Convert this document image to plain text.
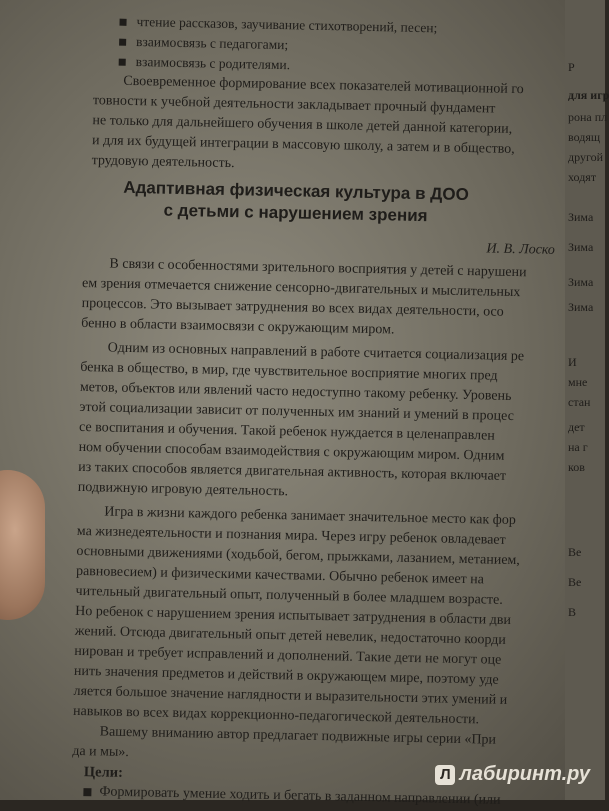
чтение рассказов, заучивание стихотворений, песен;
взаимосвязь с педагогами;
взаимосвязь с родителями.
Своевременное формирование всех показателей мотивационной го
товности к учебной деятельности закладывает прочный фундамент
не только для дальнейшего обучения в школе детей данной категории,
и для их будущей интеграции в массовую школу, а затем и в общество,
трудовую деятельность.
Адаптивная физическая культура в ДОО
с детьми с нарушением зрения
И. В. Лоско
В связи с особенностями зрительного восприятия у детей с нарушени
ем зрения отмечается снижение сенсорно-двигательных и мыслительных
процессов. Это вызывает затруднения во всех видах деятельности, осо
бенно в области взаимосвязи с окружающим миром.
Одним из основных направлений в работе считается социализация ре
бенка в общество, в мир, где чувствительное восприятие многих пред
метов, объектов или явлений часто недоступно такому ребенку. Уровень
этой социализации зависит от полученных им знаний и умений в процес
се воспитания и обучения. Такой ребенок нуждается в целенаправлен
ном обучении способам взаимодействия с окружающим миром. Одним
из таких способов является двигательная активность, которая включает
подвижную игровую деятельность.
Игра в жизни каждого ребенка занимает значительное место как фор
ма жизнедеятельности и познания мира. Через игру ребенок овладевает
основными движениями (ходьбой, бегом, прыжками, лазанием, метанием,
равновесием) и физическими качествами. Обычно ребенок имеет на
чительный двигательный опыт, полученный в более младшем возрасте.
Но ребенок с нарушением зрения испытывает затруднения в области дви
жений. Отсюда двигательный опыт детей невелик, недостаточно коорди
нирован и требует исправлений и дополнений. Такие дети не могут оце
нить значения предметов и действий в окружающем мире, поэтому уде
ляется большое значение наглядности и выразительности этих умений и
навыков во всех видах коррекционно-педагогической деятельности.
Вашему вниманию автор предлагает подвижные игры серии «При
да и мы».
Цели:
Формировать умение ходить и бегать в заданном направлении (или
Р
для игр
рона пл
водящ
другой
ходят
Зима
Зима
Зима
Зима
И
мне
стан
дет
на г
ков
Ве
Ве
В
Л лабиринт.ру
